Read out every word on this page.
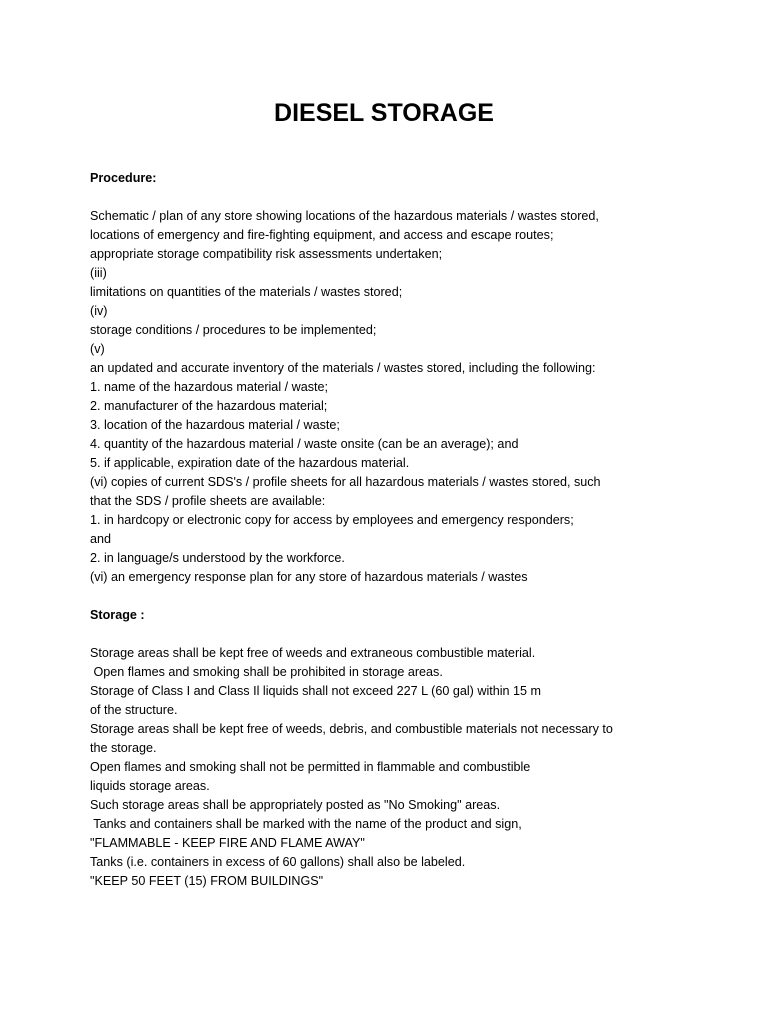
DIESEL STORAGE
Procedure:
Schematic / plan of any store showing locations of the hazardous materials / wastes stored,
locations of emergency and fire-fighting equipment, and access and escape routes;
appropriate storage compatibility risk assessments undertaken;
(iii)
limitations on quantities of the materials / wastes stored;
(iv)
storage conditions / procedures to be implemented;
(v)
an updated and accurate inventory of the materials / wastes stored, including the following:
1. name of the hazardous material / waste;
2. manufacturer of the hazardous material;
3. location of the hazardous material / waste;
4. quantity of the hazardous material / waste onsite (can be an average); and
5. if applicable, expiration date of the hazardous material.
(vi) copies of current SDS's / profile sheets for all hazardous materials / wastes stored, such
that the SDS / profile sheets are available:
1. in hardcopy or electronic copy for access by employees and emergency responders;
and
2. in language/s understood by the workforce.
(vi) an emergency response plan for any store of hazardous materials / wastes
Storage :
Storage areas shall be kept free of weeds and extraneous combustible material.
Open flames and smoking shall be prohibited in storage areas.
Storage of Class I and Class Il liquids shall not exceed 227 L (60 gal) within 15 m
of the structure.
Storage areas shall be kept free of weeds, debris, and combustible materials not necessary to
the storage.
Open flames and smoking shall not be permitted in flammable and combustible
liquids storage areas.
Such storage areas shall be appropriately posted as "No Smoking" areas.
Tanks and containers shall be marked with the name of the product and sign,
"FLAMMABLE - KEEP FIRE AND FLAME AWAY"
Tanks (i.e. containers in excess of 60 gallons) shall also be labeled.
"KEEP 50 FEET (15) FROM BUILDINGS"
